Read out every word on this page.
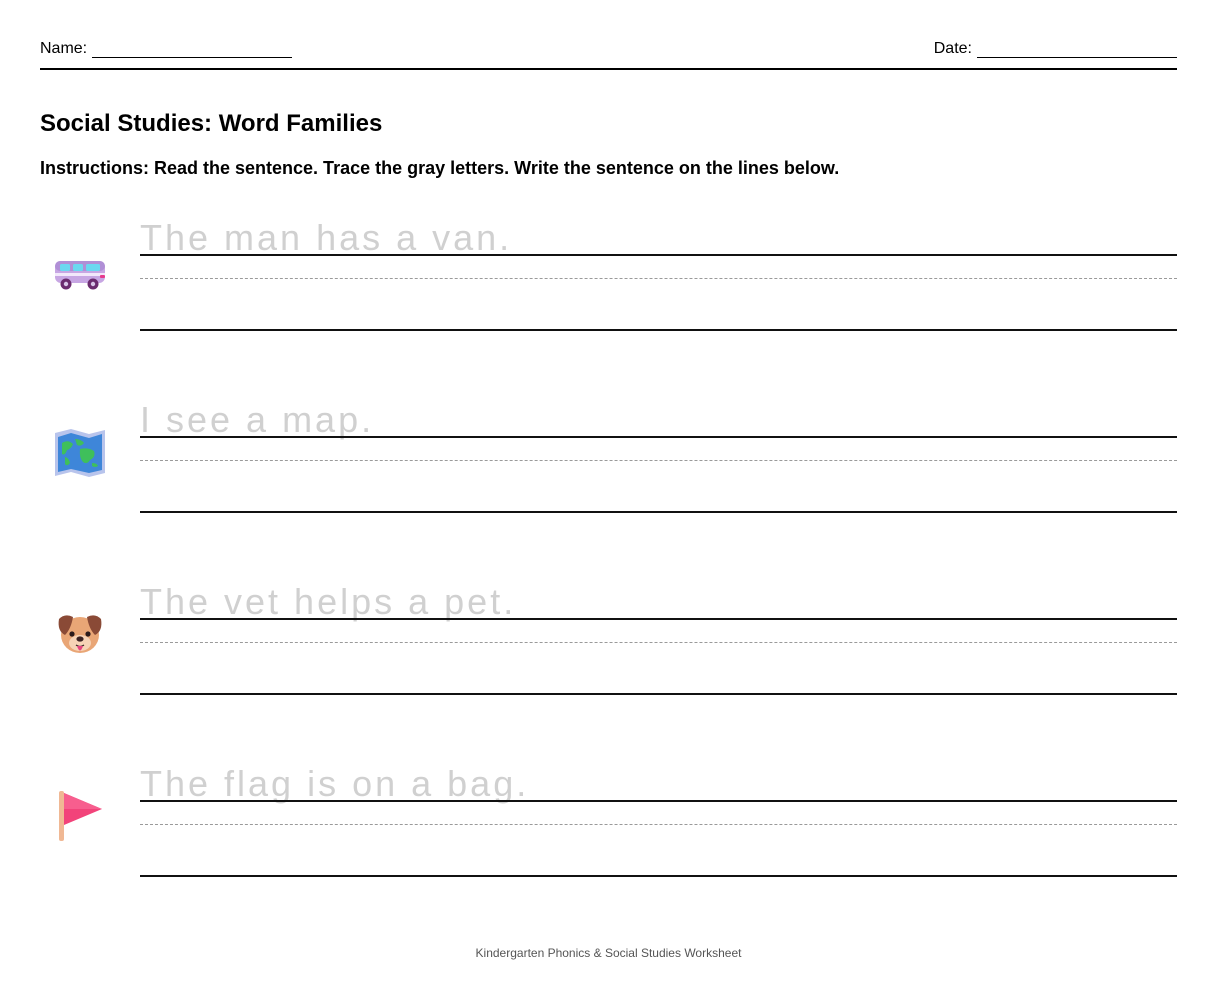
Name:	Date:
Social Studies: Word Families

Instructions: Read the sentence. Trace the gray letters. Write the sentence on the lines below.

The man has a van.
I see a map.
The vet helps a pet.
The flag is on a bag.
Kindergarten Phonics & Social Studies Worksheet
